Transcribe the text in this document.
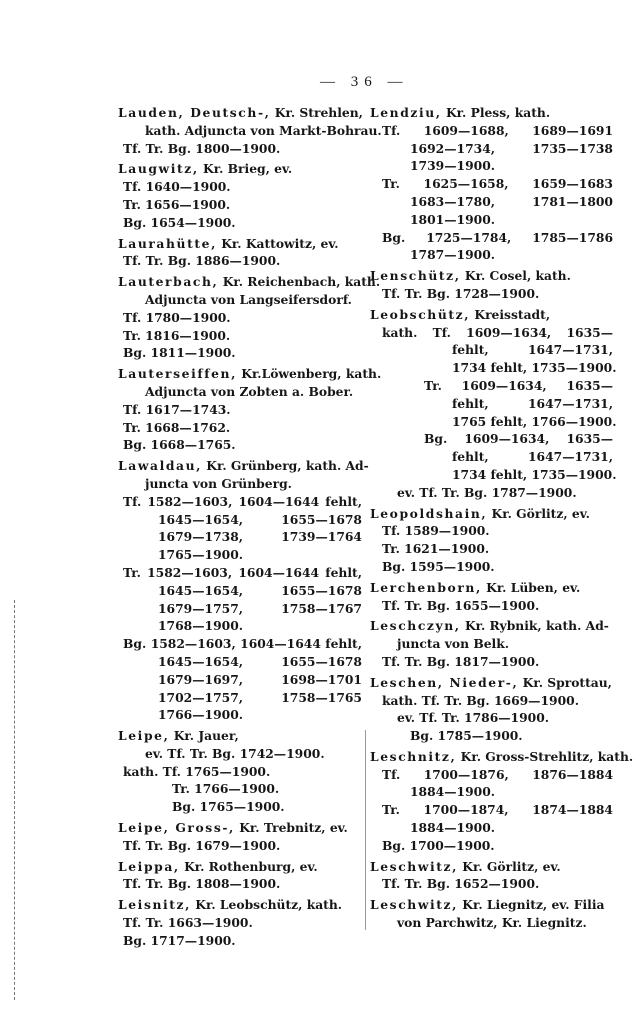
— 36 —
Lauden, Deutsch-, Kr. Strehlen,
kath. Adjuncta von Markt-Bohrau.
Tf. Tr. Bg. 1800—1900.
Laugwitz, Kr. Brieg, ev.
Tf. 1640—1900.
Tr. 1656—1900.
Bg. 1654—1900.
Laurahütte, Kr. Kattowitz, ev.
Tf. Tr. Bg. 1886—1900.
Lauterbach, Kr. Reichenbach, kath.
Adjuncta von Langseifersdorf.
Tf. 1780—1900.
Tr. 1816—1900.
Bg. 1811—1900.
Lauterseiffen, Kr.Löwenberg, kath.
Adjuncta von Zobten a. Bober.
Tf. 1617—1743.
Tr. 1668—1762.
Bg. 1668—1765.
Lawaldau, Kr. Grünberg, kath. Ad-
juncta von Grünberg.
Tf. 1582—1603, 1604—1644 fehlt,
1645—1654, 1655—1678
1679—1738, 1739—1764
1765—1900.
Tr. 1582—1603, 1604—1644 fehlt,
1645—1654, 1655—1678
1679—1757, 1758—1767
1768—1900.
Bg. 1582—1603, 1604—1644 fehlt,
1645—1654, 1655—1678
1679—1697, 1698—1701
1702—1757, 1758—1765
1766—1900.
Leipe, Kr. Jauer,
ev. Tf. Tr. Bg. 1742—1900.
kath. Tf. 1765—1900.
Tr. 1766—1900.
Bg. 1765—1900.
Leipe, Gross-, Kr. Trebnitz, ev.
Tf. Tr. Bg. 1679—1900.
Leippa, Kr. Rothenburg, ev.
Tf. Tr. Bg. 1808—1900.
Leisnitz, Kr. Leobschütz, kath.
Tf. Tr. 1663—1900.
Bg. 1717—1900.
Lendziu, Kr. Pless, kath.
Tf. 1609—1688, 1689—1691
1692—1734, 1735—1738
1739—1900.
Tr. 1625—1658, 1659—1683
1683—1780, 1781—1800
1801—1900.
Bg. 1725—1784, 1785—1786
1787—1900.
Lenschütz, Kr. Cosel, kath.
Tf. Tr. Bg. 1728—1900.
Leobschütz, Kreisstadt,
kath. Tf. 1609—1634, 1635—
fehlt, 1647—1731,
1734 fehlt, 1735—1900.
Tr. 1609—1634, 1635—
fehlt, 1647—1731,
1765 fehlt, 1766—1900.
Bg. 1609—1634, 1635—
fehlt, 1647—1731,
1734 fehlt, 1735—1900.
ev. Tf. Tr. Bg. 1787—1900.
Leopoldshain, Kr. Görlitz, ev.
Tf. 1589—1900.
Tr. 1621—1900.
Bg. 1595—1900.
Lerchenborn, Kr. Lüben, ev.
Tf. Tr. Bg. 1655—1900.
Leschczyn, Kr. Rybnik, kath. Ad-
juncta von Belk.
Tf. Tr. Bg. 1817—1900.
Leschen, Nieder-, Kr. Sprottau,
kath. Tf. Tr. Bg. 1669—1900.
ev. Tf. Tr. 1786—1900.
Bg. 1785—1900.
Leschnitz, Kr. Gross-Strehlitz, kath.
Tf. 1700—1876, 1876—1884
1884—1900.
Tr. 1700—1874, 1874—1884
1884—1900.
Bg. 1700—1900.
Leschwitz, Kr. Görlitz, ev.
Tf. Tr. Bg. 1652—1900.
Leschwitz, Kr. Liegnitz, ev. Filia
von Parchwitz, Kr. Liegnitz.
